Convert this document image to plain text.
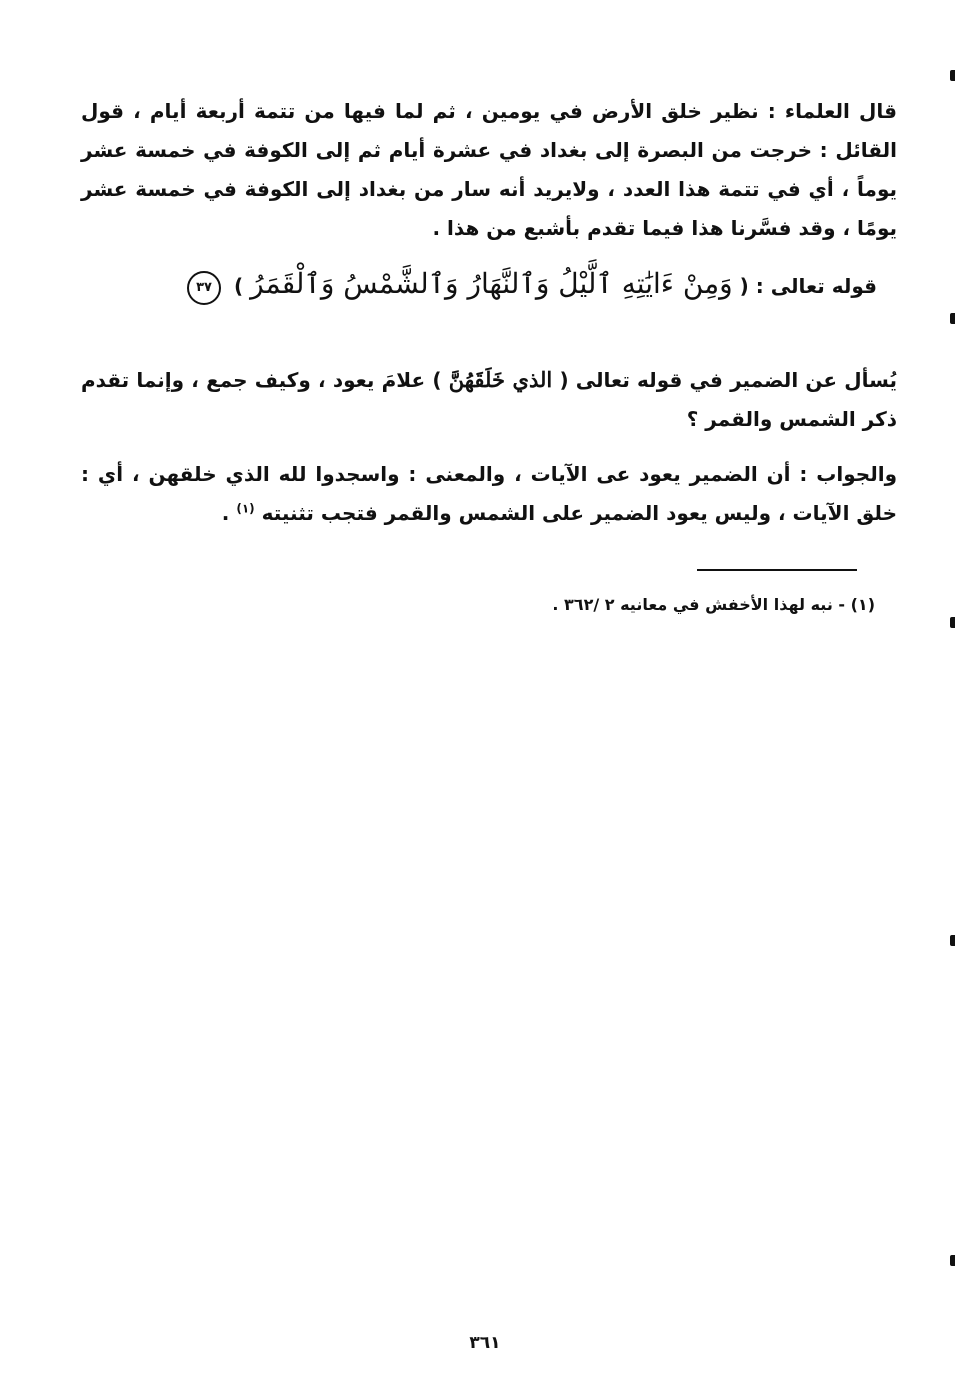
قال العلماء : نظير خلق الأرض في يومين ، ثم لما فيها من تتمة أربعة أيام ، قول القائل : خرجت من البصرة إلى بغداد في عشرة أيام ثم إلى الكوفة في خمسة عشر يوماً ، أي في تتمة هذا العدد ، ولايريد أنه سار من بغداد إلى الكوفة في خمسة عشر يومًا ، وقد فسَّرنا هذا فيما تقدم بأشبع من هذا .

قوله تعالى : ( وَمِنْ ءَايَٰتِهِ ٱلَّيْلُ وَٱلنَّهَارُ وَٱلشَّمْسُ وَٱلْقَمَرُ ) ٣٧

يُسأل عن الضمير في قوله تعالى ( الذي خَلَقَهُنَّ ) علامَ يعود ، وكيف جمع ، وإنما تقدم ذكر الشمس والقمر ؟

والجواب : أن الضمير يعود عى الآيات ، والمعنى : واسجدوا لله الذي خلقهن ، أي : خلق الآيات ، وليس يعود الضمير على الشمس والقمر فتجب تثنيته $^{(١)}$ .

(١) - نبه لهذا الأخفش في معانيه ٢ /٣٦٢ .
٣٦١
